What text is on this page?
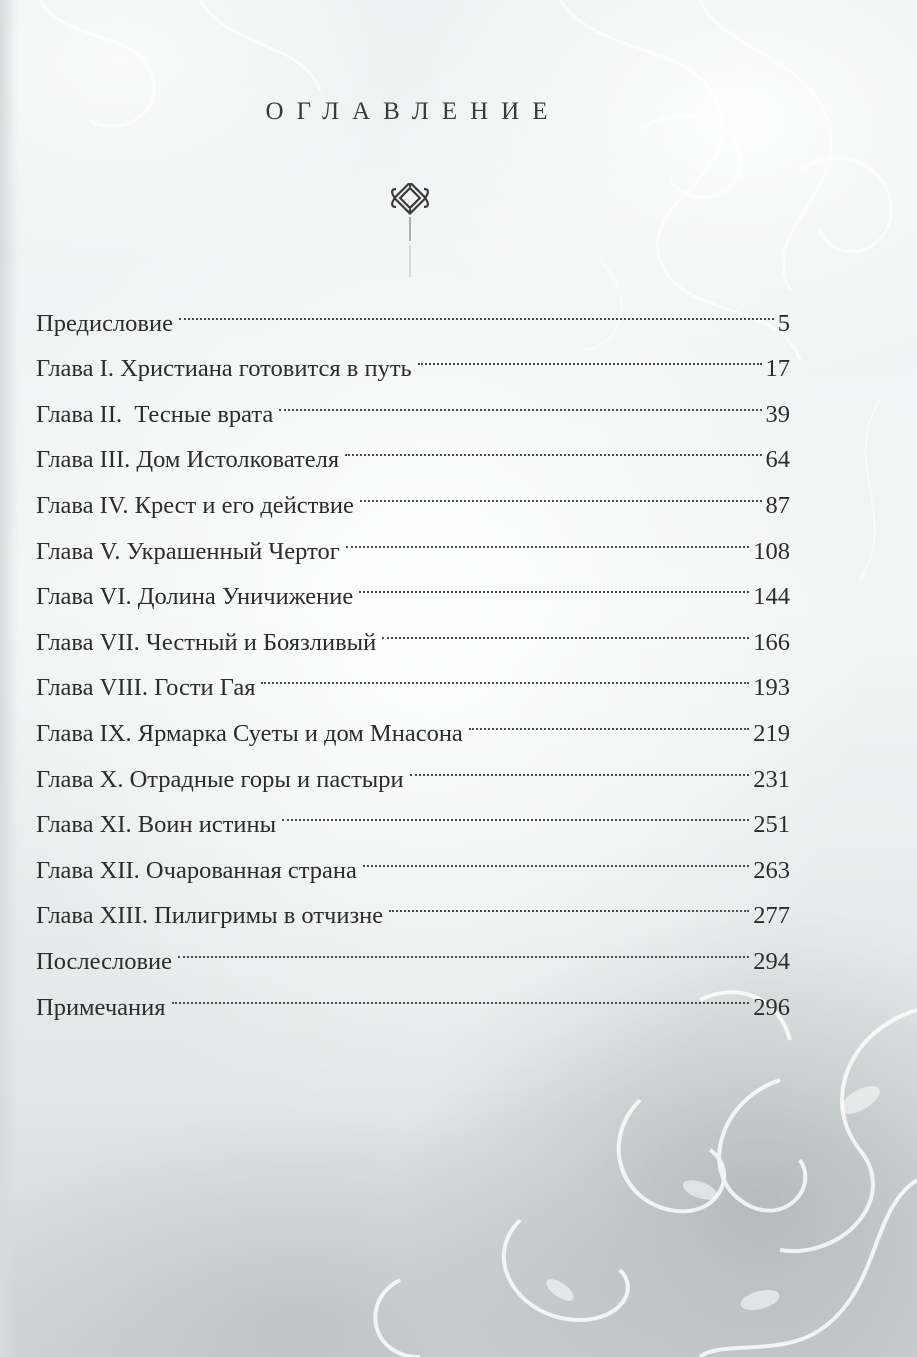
ОГЛАВЛЕНИЕ
Предисловие	5
Глава I. Христиана готовится в путь	17
Глава II.  Тесные врата	39
Глава III. Дом Истолкователя	64
Глава IV. Крест и его действие	87
Глава V. Украшенный Чертог	108
Глава VI. Долина Уничижение	144
Глава VII. Честный и Боязливый	166
Глава VIII. Гости Гая	193
Глава IX. Ярмарка Суеты и дом Мнасона	219
Глава X. Отрадные горы и пастыри	231
Глава XI. Воин истины	251
Глава XII. Очарованная страна	263
Глава XIII. Пилигримы в отчизне	277
Послесловие	294
Примечания	296
